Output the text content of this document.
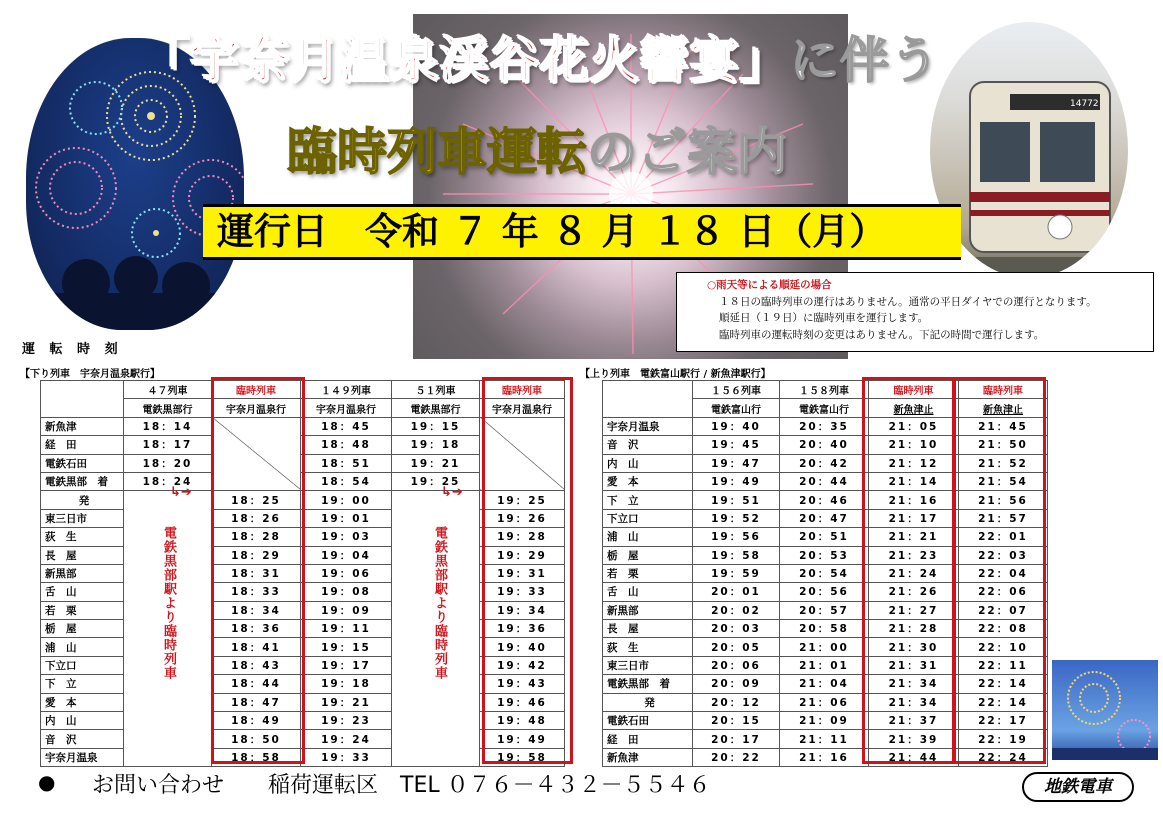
14772
「宇奈月温泉渓谷花火響宴」に伴う
臨時列車運転のご案内
運行日　令和 ７ 年 ８ 月 １８ 日（月）
○雨天等による順延の場合
１８日の臨時列車の運行はありません。通常の平日ダイヤでの運行となります。
順延日（１９日）に臨時列車を運行します。
臨時列車の運転時刻の変更はありません。下記の時間で運行します。
運 転 時 刻
【下り列車　宇奈月温泉駅行】	【上り列車　電鉄富山駅行 / 新魚津駅行】
	４７列車	臨時列車	１４９列車	５１列車	臨時列車
	電鉄黒部行	宇奈月温泉行	宇奈月温泉行	電鉄黒部行	宇奈月温泉行
新魚津	18：14		18：45	19：15	
経　田	18：17		18：48	19：18	
電鉄石田	18：20		18：51	19：21	
電鉄黒部　着	18：24		18：54	19：25	
発		18：25	19：00		19：25
東三日市		18：26	19：01		19：26
荻　生		18：28	19：03		19：28
長　屋		18：29	19：04		19：29
新黒部		18：31	19：06		19：31
舌　山		18：33	19：08		19：33
若　栗		18：34	19：09		19：34
栃　屋		18：36	19：11		19：36
浦　山		18：41	19：15		19：40
下立口		18：43	19：17		19：42
下　立		18：44	19：18		19：43
愛　本		18：47	19：21		19：46
内　山		18：49	19：23		19：48
音　沢		18：50	19：24		19：49
宇奈月温泉		18：58	19：33		19：58
	１５６列車	１５８列車	臨時列車	臨時列車
	電鉄富山行	電鉄富山行	新魚津止	新魚津止
宇奈月温泉	19：40	20：35	21：05	21：45
音　沢	19：45	20：40	21：10	21：50
内　山	19：47	20：42	21：12	21：52
愛　本	19：49	20：44	21：14	21：54
下　立	19：51	20：46	21：16	21：56
下立口	19：52	20：47	21：17	21：57
浦　山	19：56	20：51	21：21	22：01
栃　屋	19：58	20：53	21：23	22：03
若　栗	19：59	20：54	21：24	22：04
舌　山	20：01	20：56	21：26	22：06
新黒部	20：02	20：57	21：27	22：07
長　屋	20：03	20：58	21：28	22：08
荻　生	20：05	21：00	21：30	22：10
東三日市	20：06	21：01	21：31	22：11
電鉄黒部　着	20：09	21：04	21：34	22：14
発	20：12	21：06	21：34	22：14
電鉄石田	20：15	21：09	21：37	22：17
経　田	20：17	21：11	21：39	22：19
新魚津	20：22	21：16	21：44	22：24
電鉄黒部駅より臨時列車	電鉄黒部駅より臨時列車
↳➔	↳➔
● お問い合わせ　　稲荷運転区　TEL ０７６－４３２－５５４６	地鉄電車
